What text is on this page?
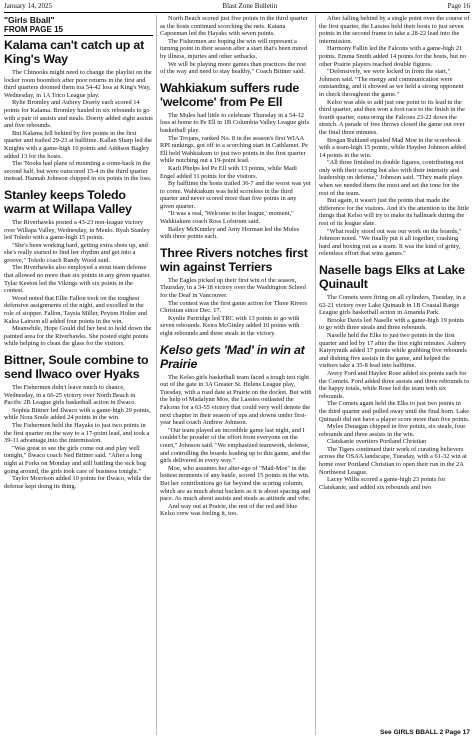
January 14, 2025	Blast Zone Bulletin	Page 16
"Girls Bball"
FROM PAGE 15
Kalama can't catch up at King's Way

The Chinooks might need to change the playlist on the locker room boombox after poor returns in the first and third quarters doomed them toa 54-42 loss at King's Way, Wednesday, in 1A Trico League play.

Rylie Bromley and Aubrey Doerty each scored 14 points for Kalama. Bromley hauled in six rebounds to go with a pair of assists and steals. Doerty added eight assists and five rebounds.

But Kalama fell behind by five points in the first quarter and trailed 29-23 at halftime. Kallan Sharp led the Knights with a game-high 16 points and Addison Bagley added 13 for the hosts.

The 'Nooks had plans of mounting a come-back in the second half, but were outscored 15-4 in the third quarter instead. Hannah Johnson chipped in six points in the loss.

Stanley keeps Toledo warm at Willapa Valley

The Riverhawks posted a 43-23 non-league victory over Willapa Valley, Wednesday, in Menlo. Ryah Stanley led Toledo with a game-high 15 points.

"She's been working hard, getting extra shots up, and she's really started to find her rhythm and get into a groove," Toledo coach Randy Wood said.

The Riverhawks also employed a stout team defense that allowed no more than six points in any given quarter. Tylar Keeton led the Vikings with six points in the contest.

Wood noted that Ellie Fallon took on the toughest defensive assignments of the night, and excelled in the role of stopper. Fallon, Taysia Miller, Peyton Holter and Kalea Lairson all added four points in the win.

Meanwhile, Hope Gould did her best to hold down the painted area for the Riverhawks. She posted eight points while helping to clean the glass for the visitors.

Bittner, Soule combine to send Ilwaco over Hyaks

The Fishermen didn't leave much to chance, Wednesday, in a 66-25 victory over North Beach in Pacific 2B League girls basketball action in Ilwaco.

Sophia Bittner led Ilwaco with a game-high 29 points, while Nora Soule added 24 points in the win.

The Fishermen held the Hayaks to just two points in the first quarter on the way to a 17-point lead, and took a 39-11 advantage into the intermission.

"Was great to see the girls come out and play well tonight," Ilwaco coach Ned Bittner said. "After a long night at Forks on Monday and still battling the sick bug going around, the girls took care of business tonight."

Taylor Morrison added 10 points for Ilwaco, while the defense kept doing its thing.

North Beach scored just five points in the third quarter as the hosts continued scorching the nets. Katana Capoeman led the Hayaks with seven points.

The Fishermen are hoping the win will represent a turning point in their season after a start that's been mired by illness, injuries and other setbacks.

We will be playing more games than practices the rest of the way and need to stay healthy," Coach Bittner said.

Wahkiakum suffers rude 'welcome' from Pe Ell

The Mules had little to celebrate Thursday in a 54-12 loss at home to Pe Ell in 1B Columbia Valley League girls basketball play.

The Trojans, ranked No. 8 in the season's first WIAA RPI rankings, got off to a scorching start in Cathlamet. Pe Ell held Wahkiakum to just two points in the first quarter while notching out a 19-point lead.

Karli Phelps led Pe Ell with 13 points, while Madi Engel added 11 points for the visitors.

By halftime the hosts trailed 36-7 and the worst was yet to come. Wahkiakum was held scoreless in the third quarter and never scored more than five points in any given quarter.

"It was a real, 'Welcome to the league,' moment," Wahkiakum coach Ross Lofstrum said.

Bailey McKinnley and Amy Horman led the Mules with three points each.

Three Rivers notches first win against Terriers

The Eagles picked up their first win of the season, Thursday, in a 34-18 victory over the Washington School for the Deaf in Vancouver.

The contest was the first game action for Three Rivers Christian since Dec. 17.

Kynlie Partridge led TRC with 13 points to go with seven rebounds. Keira McGinley added 10 points with eight rebounds and three steals in the victory.

Kelso gets 'Mad' in win at Prairie

The Kelso girls basketball team faced a tough test right out of the gate in 3A Greater St. Helens League play, Tuesday, with a road date at Prairie on the docket. But with the help of Madalynn Moe, the Lassies outlasted the Falcons for a 63-55 victory that could very well denote the next chapter in their season of ups and downs under first-year head coach Andrew Johnson.

"Our team played an incredible game last night, and I couldn't be prouder of the effort from everyone on the court," Johnson said. "We emphasized teamwork, defense, and controlling the boards leading up to this game, and the girls delivered in every way."

Moe, who assumes her alter-ego of "Mad-Moe" in the hottest moments of any battle, scored 15 points in the win. But her contributions go far beyond the scoring column, which are as much about buckets as it is about spacing and pace. As much about assists and steals as attitude and vibe.

And way out at Prairie, the rest of the red and blue Kelso crew was feeling it, too.

After falling behind by a single point over the course of the first quarter, the Lassies held their hosts to just seven points in the second frame to take a 28-22 lead into the intermission.

Harmony Fallin led the Falcons with a game-high 21 points. Emma Smith added 14 points for the hosts, but no other Prairie players reached double figures.

"Defensively, we were locked in from the start," Johnson said. "The energy and communication were outstanding, and it showed as we held a strong opponent in check throughout the game."

Kelso was able to add just one point to its lead in the third quarter, and then won a foot race to the finish in the fourth quarter, outscoring the Falcons 23-22 down the stretch. A parade of free throws closed the game out over the final three minutes.

Bregan Ruhland equaled Mad Moe in the scorebook with a team-high 15 points, while Hayden Johnson added 14 points in the win.

"All three finished in double figures, contributing not only with their scoring but also with their intensity and leadership on defense," Johnson said. "They made plays when we needed them the most and set the tone for the rest of the team.

But again, it wasn't just the points that made the difference for the visitors. And it's the attention to the little things that Kelso will try to make its hallmark during the rest of its league slate.

"What really stood out was our work on the boards," Johnson noted. "We finally put it all together, crashing hard and boxing out as a team. It was the kind of gritty, relentless effort that wins games."

Naselle bags Elks at Lake Quinault

The Comets were firing on all cylinders, Tuesday, in a 62-21 victory over Lake Quinault in 1B Coastal Range League girls basketball action in Amanda Park.

Brooke Davis led Naselle with a game-high 19 points to go with three steals and three rebounds.

Naselle held the Elks to just two points in the first quarter and led by 17 after the first eight minutes. Aubrey Katyrynuik added 17 points while grabbing five rebounds and dishing five assists in the game, and helped the visitors take a 35-8 lead into halftime.

Avery Ford and Haylee Rose added six points each for the Comets. Ford added three assists and three rebounds to the happy totals, while Rose led the team with six rebounds.

The Comets again held the Elks to just two points in the third quarter and pulled away until the final horn. Lake Quinault did not have a player score more than five points.

Mylee Dunagan chipped in five points, six steals, four rebounds and three assists in the win.

Clatskanie overtiers Portland Christian

The Tigers continued their work of curating believers across the OSAA landscape, Tuesday, with a 61-32 win at home over Portland Christian to open their run in the 2A Northwest League.

Lacey Willis scored a game-high 23 points for Clatskanie, and added six rebounds and two

See GIRLS BBALL 2 Page 17
